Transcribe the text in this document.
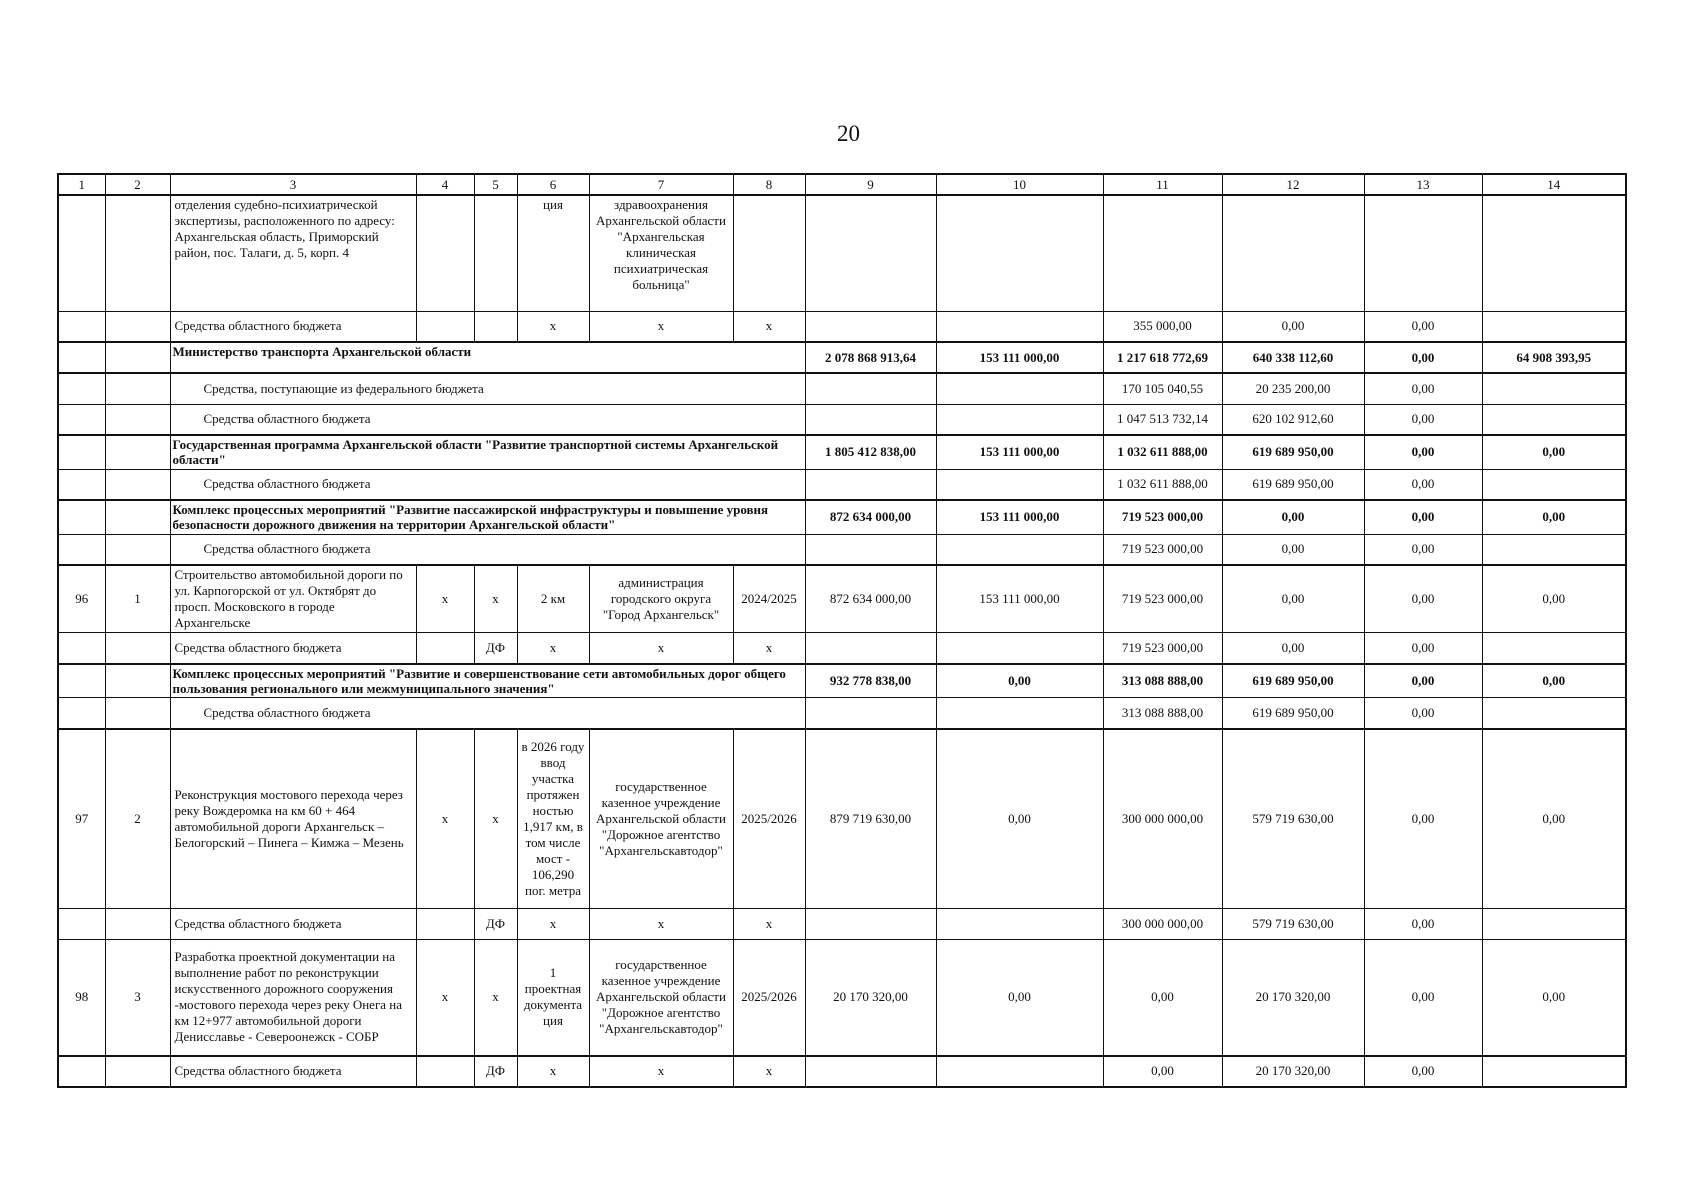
20
1	2	3	4	5	6	7	8	9	10	11	12	13	14
		отделения судебно-психиатрической экспертизы, расположенного по адресу: Архангельская область, Приморский район, пос. Талаги, д. 5, корп. 4			ция	здравоохранения Архангельской области "Архангельская клиническая психиатрическая больница"							
		Средства областного бюджета			х	х	х			355 000,00	0,00	0,00	
		Министерство транспорта Архангельской области						2 078 868 913,64	153 111 000,00	1 217 618 772,69	640 338 112,60	0,00	64 908 393,95
		Средства, поступающие из федерального бюджета								170 105 040,55	20 235 200,00	0,00	
		Средства областного бюджета								1 047 513 732,14	620 102 912,60	0,00	
		Государственная программа Архангельской области "Развитие транспортной системы Архангельской области"						1 805 412 838,00	153 111 000,00	1 032 611 888,00	619 689 950,00	0,00	0,00
		Средства областного бюджета								1 032 611 888,00	619 689 950,00	0,00	
		Комплекс процессных мероприятий "Развитие пассажирской инфраструктуры и повышение уровня безопасности дорожного движения на территории Архангельской области"						872 634 000,00	153 111 000,00	719 523 000,00	0,00	0,00	0,00
		Средства областного бюджета								719 523 000,00	0,00	0,00	
96	1	Строительство автомобильной дороги по ул. Карпогорской от ул. Октябрят до просп. Московского в городе Архангельске	х	х	2 км	администрация городского округа "Город Архангельск"	2024/2025	872 634 000,00	153 111 000,00	719 523 000,00	0,00	0,00	0,00
		Средства областного бюджета		ДФ	х	х	х			719 523 000,00	0,00	0,00	
		Комплекс процессных мероприятий "Развитие и совершенствование сети автомобильных дорог общего пользования регионального или межмуниципального значения"						932 778 838,00	0,00	313 088 888,00	619 689 950,00	0,00	0,00
		Средства областного бюджета								313 088 888,00	619 689 950,00	0,00	
97	2	Реконструкция мостового перехода через реку Вождеромка на км 60 + 464 автомобильной дороги Архангельск – Белогорский – Пинега – Кимжа – Мезень	х	х	в 2026 году ввод участка протяжен ностью 1,917 км, в том числе мост - 106,290 пог. метра	государственное казенное учреждение Архангельской области "Дорожное агентство "Архангельскавтодор"	2025/2026	879 719 630,00	0,00	300 000 000,00	579 719 630,00	0,00	0,00
		Средства областного бюджета		ДФ	х	х	х			300 000 000,00	579 719 630,00	0,00	
98	3	Разработка проектной документации на выполнение работ по реконструкции искусственного дорожного сооружения -мостового перехода через реку Онега на км 12+977 автомобильной дороги Денисславье - Североонежск - СОБР	х	х	1 проектная документа ция	государственное казенное учреждение Архангельской области "Дорожное агентство "Архангельскавтодор"	2025/2026	20 170 320,00	0,00	0,00	20 170 320,00	0,00	0,00
		Средства областного бюджета		ДФ	х	х	х			0,00	20 170 320,00	0,00	
